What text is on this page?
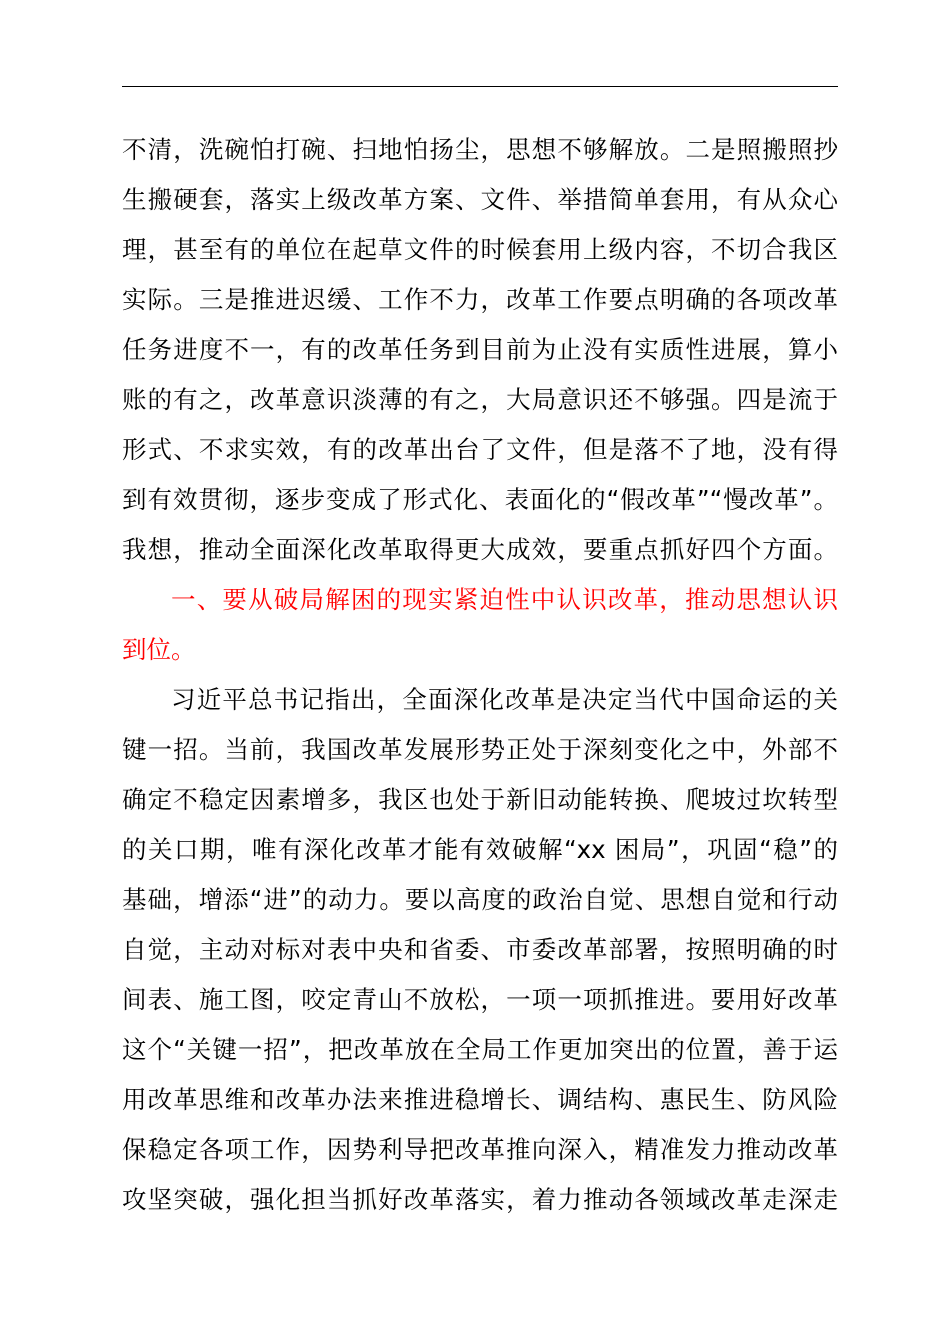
不清，洗碗怕打碗、扫地怕扬尘，思想不够解放。二是照搬照抄
生搬硬套，落实上级改革方案、文件、举措简单套用，有从众心
理，甚至有的单位在起草文件的时候套用上级内容，不切合我区
实际。三是推进迟缓、工作不力，改革工作要点明确的各项改革
任务进度不一，有的改革任务到目前为止没有实质性进展，算小
账的有之，改革意识淡薄的有之，大局意识还不够强。四是流于
形式、不求实效，有的改革出台了文件，但是落不了地，没有得
到有效贯彻，逐步变成了形式化、表面化的“假改革”“慢改革”。
我想，推动全面深化改革取得更大成效，要重点抓好四个方面。
一、要从破局解困的现实紧迫性中认识改革，推动思想认识
到位。
习近平总书记指出，全面深化改革是决定当代中国命运的关
键一招。当前，我国改革发展形势正处于深刻变化之中，外部不
确定不稳定因素增多，我区也处于新旧动能转换、爬坡过坎转型
的关口期，唯有深化改革才能有效破解“xx 困局”，巩固“稳”的
基础，增添“进”的动力。要以高度的政治自觉、思想自觉和行动
自觉，主动对标对表中央和省委、市委改革部署，按照明确的时
间表、施工图，咬定青山不放松，一项一项抓推进。要用好改革
这个“关键一招”，把改革放在全局工作更加突出的位置，善于运
用改革思维和改革办法来推进稳增长、调结构、惠民生、防风险
保稳定各项工作，因势利导把改革推向深入，精准发力推动改革
攻坚突破，强化担当抓好改革落实，着力推动各领域改革走深走
